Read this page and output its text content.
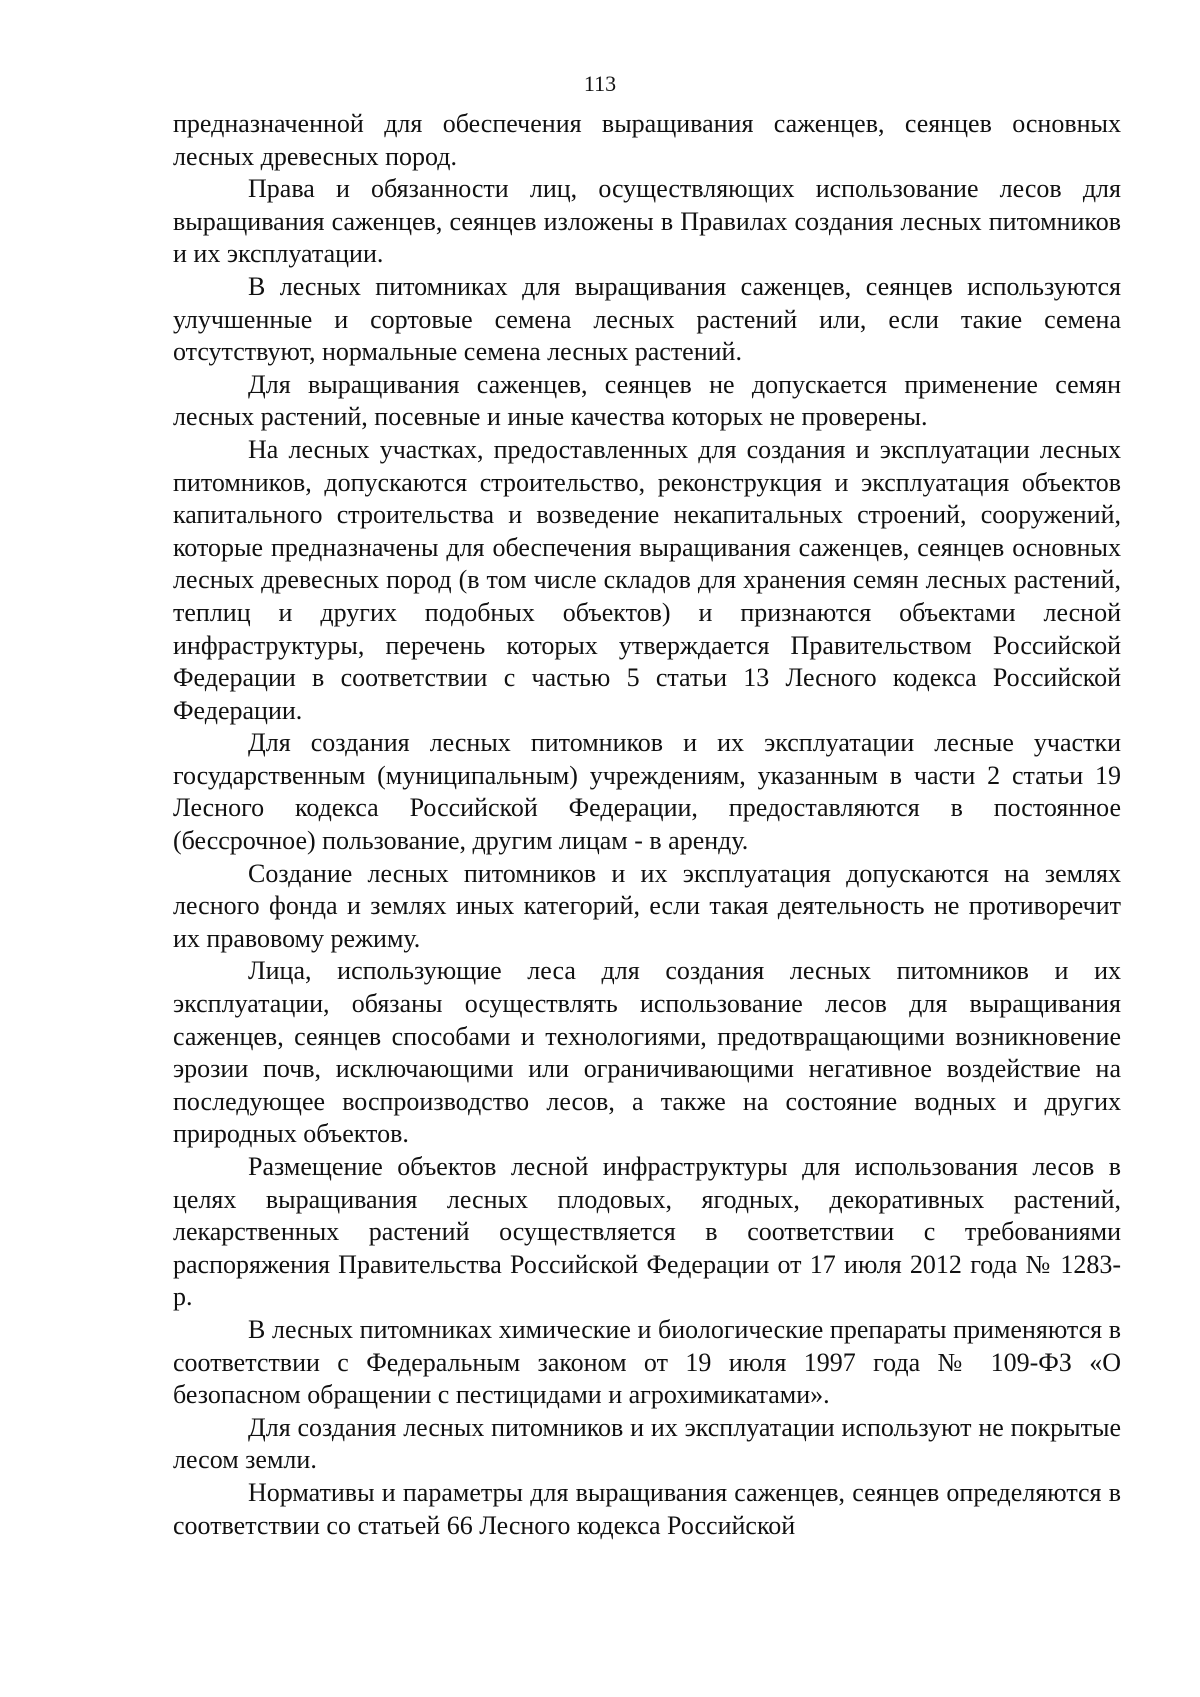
113

предназначенной для обеспечения выращивания саженцев, сеянцев основных лесных древесных пород.

Права и обязанности лиц, осуществляющих использование лесов для выращивания саженцев, сеянцев изложены в Правилах создания лесных питомников и их эксплуатации.

В лесных питомниках для выращивания саженцев, сеянцев используются улучшенные и сортовые семена лесных растений или, если такие семена отсутствуют, нормальные семена лесных растений.

Для выращивания саженцев, сеянцев не допускается применение семян лесных растений, посевные и иные качества которых не проверены.

На лесных участках, предоставленных для создания и эксплуатации лесных питомников, допускаются строительство, реконструкция и эксплуатация объектов капитального строительства и возведение некапитальных строений, сооружений, которые предназначены для обеспечения выращивания саженцев, сеянцев основных лесных древесных пород (в том числе складов для хранения семян лесных растений, теплиц и других подобных объектов) и признаются объектами лесной инфраструктуры, перечень которых утверждается Правительством Российской Федерации в соответствии с частью 5 статьи 13 Лесного кодекса Российской Федерации.

Для создания лесных питомников и их эксплуатации лесные участки государственным (муниципальным) учреждениям, указанным в части 2 статьи 19 Лесного кодекса Российской Федерации, предоставляются в постоянное (бессрочное) пользование, другим лицам - в аренду.

Создание лесных питомников и их эксплуатация допускаются на землях лесного фонда и землях иных категорий, если такая деятельность не противоречит их правовому режиму.

Лица, использующие леса для создания лесных питомников и их эксплуатации, обязаны осуществлять использование лесов для выращивания саженцев, сеянцев способами и технологиями, предотвращающими возникновение эрозии почв, исключающими или ограничивающими негативное воздействие на последующее воспроизводство лесов, а также на состояние водных и других природных объектов.

Размещение объектов лесной инфраструктуры для использования лесов в целях выращивания лесных плодовых, ягодных, декоративных растений, лекарственных растений осуществляется в соответствии с требованиями распоряжения Правительства Российской Федерации от 17 июля 2012 года № 1283-р.

В лесных питомниках химические и биологические препараты применяются в соответствии с Федеральным законом от 19 июля 1997 года № 109-ФЗ «О безопасном обращении с пестицидами и агрохимикатами».

Для создания лесных питомников и их эксплуатации используют не покрытые лесом земли.

Нормативы и параметры для выращивания саженцев, сеянцев определяются в соответствии со статьей 66 Лесного кодекса Российской
